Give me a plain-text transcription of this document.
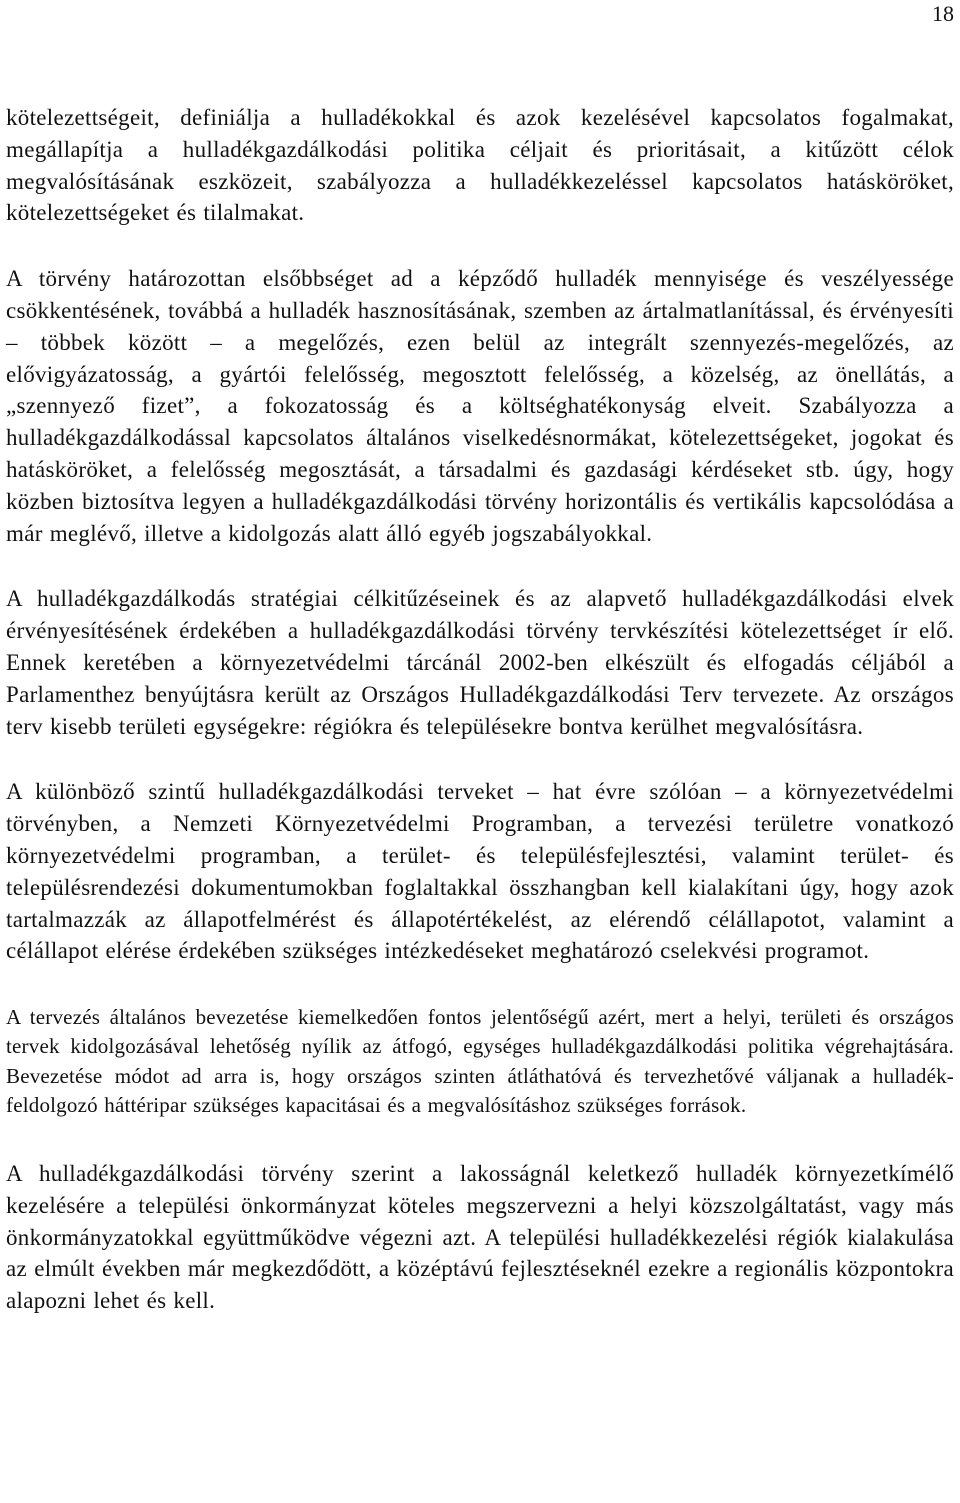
18

kötelezettségeit, definiálja a hulladékokkal és azok kezelésével kapcsolatos fogalmakat, megállapítja a hulladékgazdálkodási politika céljait és prioritásait, a kitűzött célok megvalósításának eszközeit, szabályozza a hulladékkezeléssel kapcsolatos hatásköröket, kötelezettségeket és tilalmakat.

A törvény határozottan elsőbbséget ad a képződő hulladék mennyisége és veszélyessége csökkentésének, továbbá a hulladék hasznosításának, szemben az ártalmatlanítással, és érvényesíti – többek között – a megelőzés, ezen belül az integrált szennyezés-megelőzés, az elővigyázatosság, a gyártói felelősség, megosztott felelősség, a közelség, az önellátás, a „szennyező fizet”, a fokozatosság és a költséghatékonyság elveit. Szabályozza a hulladékgazdálkodással kapcsolatos általános viselkedésnormákat, kötelezettségeket, jogokat és hatásköröket, a felelősség megosztását, a társadalmi és gazdasági kérdéseket stb. úgy, hogy közben biztosítva legyen a hulladékgazdálkodási törvény horizontális és vertikális kapcsolódása a már meglévő, illetve a kidolgozás alatt álló egyéb jogszabályokkal.

A hulladékgazdálkodás stratégiai célkitűzéseinek és az alapvető hulladékgazdálkodási elvek érvényesítésének érdekében a hulladékgazdálkodási törvény tervkészítési kötelezettséget ír elő. Ennek keretében a környezetvédelmi tárcánál 2002-ben elkészült és elfogadás céljából a Parlamenthez benyújtásra került az Országos Hulladékgazdálkodási Terv tervezete. Az országos terv kisebb területi egységekre: régiókra és településekre bontva kerülhet megvalósításra.

A különböző szintű hulladékgazdálkodási terveket – hat évre szólóan – a környezetvédelmi törvényben, a Nemzeti Környezetvédelmi Programban, a tervezési területre vonatkozó környezetvédelmi programban, a terület- és településfejlesztési, valamint terület- és településrendezési dokumentumokban foglaltakkal összhangban kell kialakítani úgy, hogy azok tartalmazzák az állapotfelmérést és állapotértékelést, az elérendő célállapotot, valamint a célállapot elérése érdekében szükséges intézkedéseket meghatározó cselekvési programot.

A tervezés általános bevezetése kiemelkedően fontos jelentőségű azért, mert a helyi, területi és országos tervek kidolgozásával lehetőség nyílik az átfogó, egységes hulladékgazdálkodási politika végrehajtására. Bevezetése módot ad arra is, hogy országos szinten átláthatóvá és tervezhetővé váljanak a hulladék-feldolgozó háttéripar szükséges kapacitásai és a megvalósításhoz szükséges források.

A hulladékgazdálkodási törvény szerint a lakosságnál keletkező hulladék környezetkímélő kezelésére a települési önkormányzat köteles megszervezni a helyi közszolgáltatást, vagy más önkormányzatokkal együttműködve végezni azt. A települési hulladékkezelési régiók kialakulása az elmúlt években már megkezdődött, a középtávú fejlesztéseknél ezekre a regionális központokra alapozni lehet és kell.
